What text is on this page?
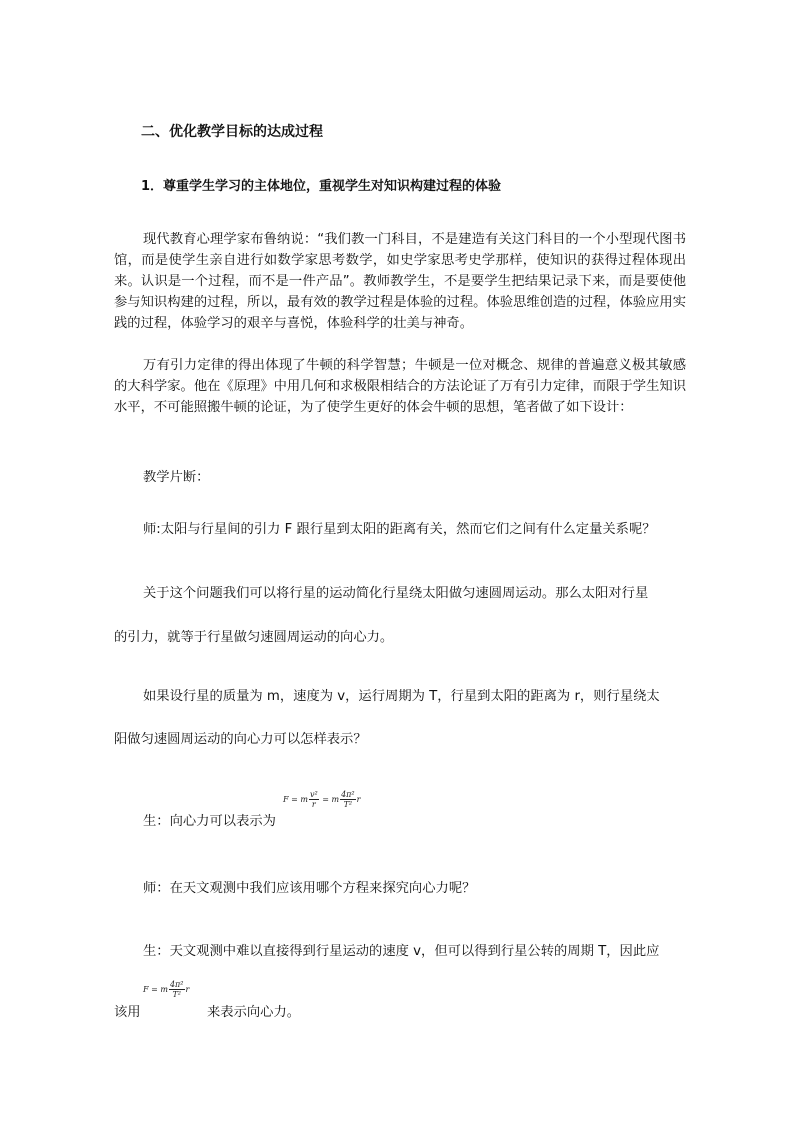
二、优化教学目标的达成过程
1．尊重学生学习的主体地位，重视学生对知识构建过程的体验

现代教育心理学家布鲁纳说：“我们教一门科目，不是建造有关这门科目的一个小型现代图书馆，而是使学生亲自进行如数学家思考数学，如史学家思考史学那样，使知识的获得过程体现出来。认识是一个过程，而不是一件产品”。教师教学生，不是要学生把结果记录下来，而是要使他参与知识构建的过程，所以，最有效的教学过程是体验的过程。体验思维创造的过程，体验应用实践的过程，体验学习的艰辛与喜悦，体验科学的壮美与神奇。

万有引力定律的得出体现了牛顿的科学智慧；牛顿是一位对概念、规律的普遍意义极其敏感的大科学家。他在《原理》中用几何和求极限相结合的方法论证了万有引力定律，而限于学生知识水平，不可能照搬牛顿的论证，为了使学生更好的体会牛顿的思想，笔者做了如下设计：

教学片断：
师:太阳与行星间的引力 F 跟行星到太阳的距离有关，然而它们之间有什么定量关系呢？
关于这个问题我们可以将行星的运动简化行星绕太阳做匀速圆周运动。那么太阳对行星
的引力，就等于行星做匀速圆周运动的向心力。
如果设行星的质量为 m，速度为 v，运行周期为 T，行星到太阳的距离为 r，则行星绕太
阳做匀速圆周运动的向心力可以怎样表示？
生：向心力可以表示为
F = m $\frac{\text{v²}}{r} = m \frac{\text{4π²}}{\text{T²}}$ r
师：在天文观测中我们应该用哪个方程来探究向心力呢？
生：天文观测中难以直接得到行星运动的速度 v，但可以得到行星公转的周期 T，因此应
该用
F = m $\frac{\text{4π²}}{\text{T²}}$ r
来表示向心力。
